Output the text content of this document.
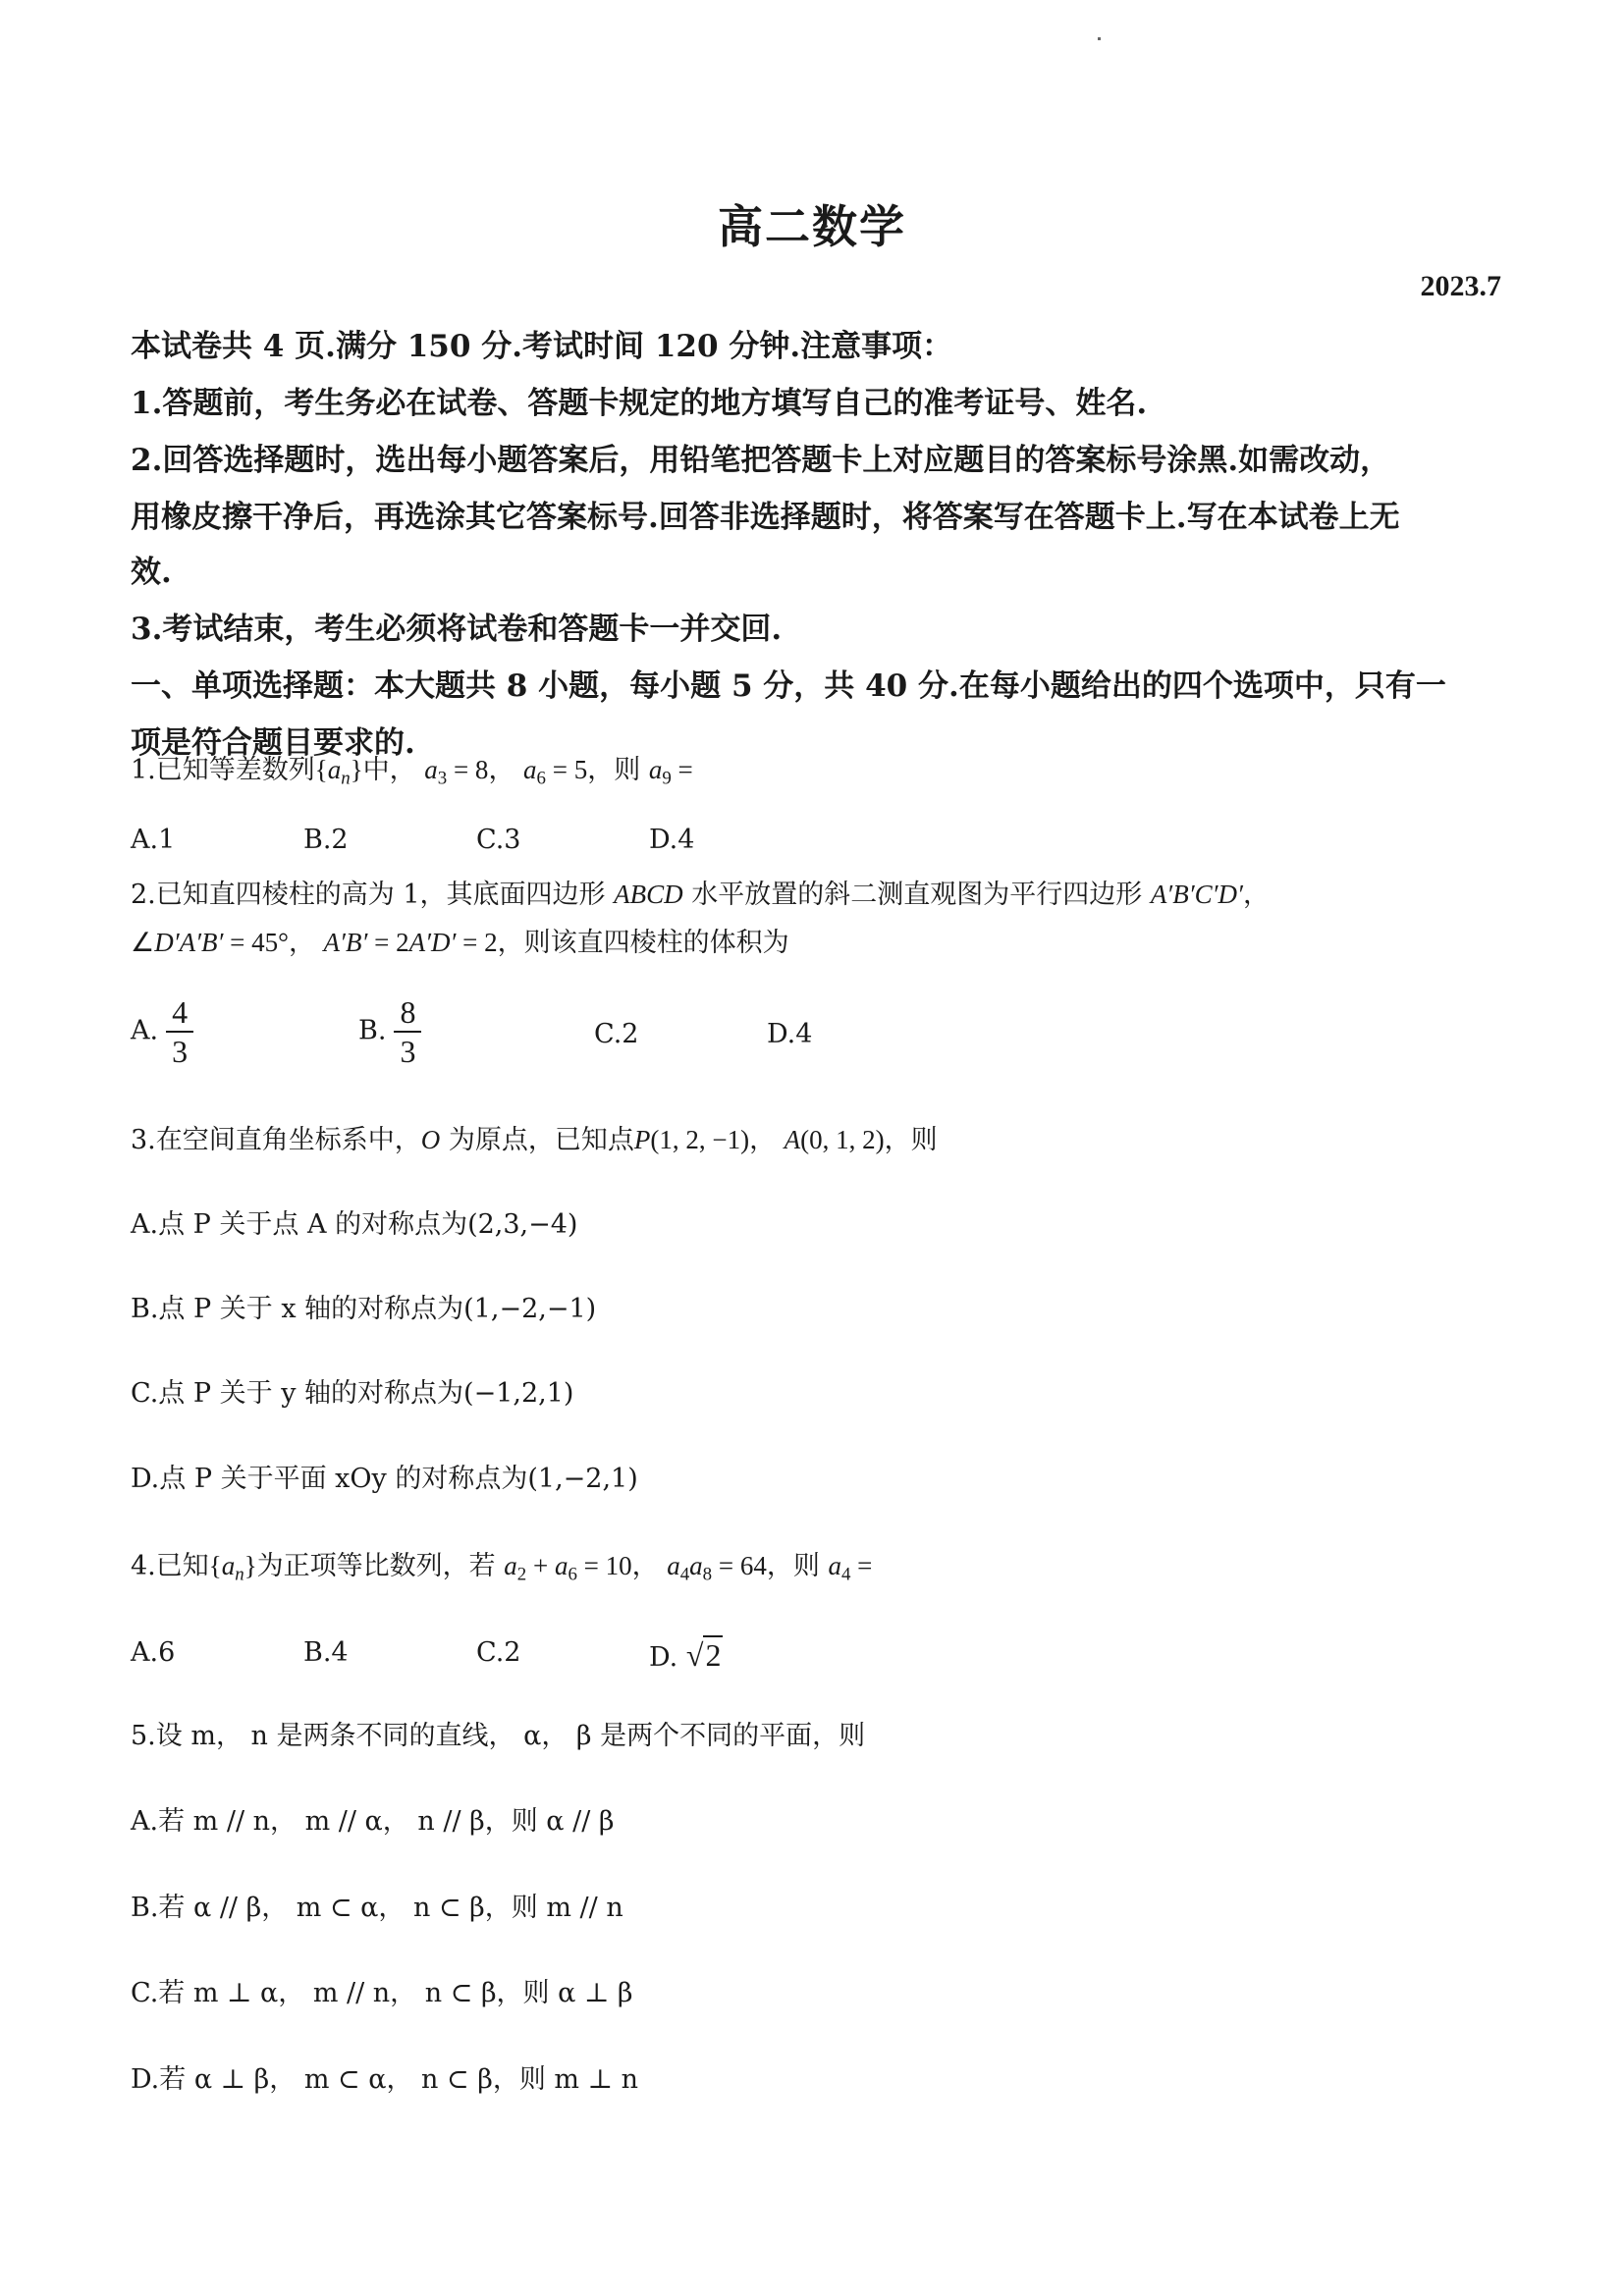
高二数学
2023.7
本试卷共 4 页.满分 150 分.考试时间 120 分钟.注意事项：
1.答题前，考生务必在试卷、答题卡规定的地方填写自己的准考证号、姓名.
2.回答选择题时，选出每小题答案后，用铅笔把答题卡上对应题目的答案标号涂黑.如需改动，
用橡皮擦干净后，再选涂其它答案标号.回答非选择题时，将答案写在答题卡上.写在本试卷上无
效.
3.考试结束，考生必须将试卷和答题卡一并交回.
一、单项选择题：本大题共 8 小题，每小题 5 分，共 40 分.在每小题给出的四个选项中，只有一
项是符合题目要求的.
1.已知等差数列$\{a_n\}$中， $a_3 = 8$， $a_6 = 5$，则 $a_9$ =
A.1	B.2	C.3	D.4
2.已知直四棱柱的高为 1，其底面四边形 ABCD 水平放置的斜二测直观图为平行四边形 A′B′C′D′，
∠D′A′B′ = 45°， A′B′ = 2A′D′ = 2，则该直四棱柱的体积为
A. $\frac{4}{3}$	B. $\frac{8}{3}$	C.2	D.4
3.在空间直角坐标系中，O 为原点，已知点P(1, 2, −1)， A(0, 1, 2)，则
A.点 P 关于点 A 的对称点为(2,3,−4)
B.点 P 关于 x 轴的对称点为(1,−2,−1)
C.点 P 关于 y 轴的对称点为(−1,2,1)
D.点 P 关于平面 xOy 的对称点为(1,−2,1)
4.已知$\{a_n\}$为正项等比数列，若 $a_2 + a_6 = 10$， $a_4a_8 = 64$，则 $a_4$ =
A.6	B.4	C.2	D. √2
5.设 m， n 是两条不同的直线， α， β 是两个不同的平面，则
A.若 m // n， m // α， n // β，则 α // β
B.若 α // β， m ⊂ α， n ⊂ β，则 m // n
C.若 m ⊥ α， m // n， n ⊂ β，则 α ⊥ β
D.若 α ⊥ β， m ⊂ α， n ⊂ β，则 m ⊥ n
